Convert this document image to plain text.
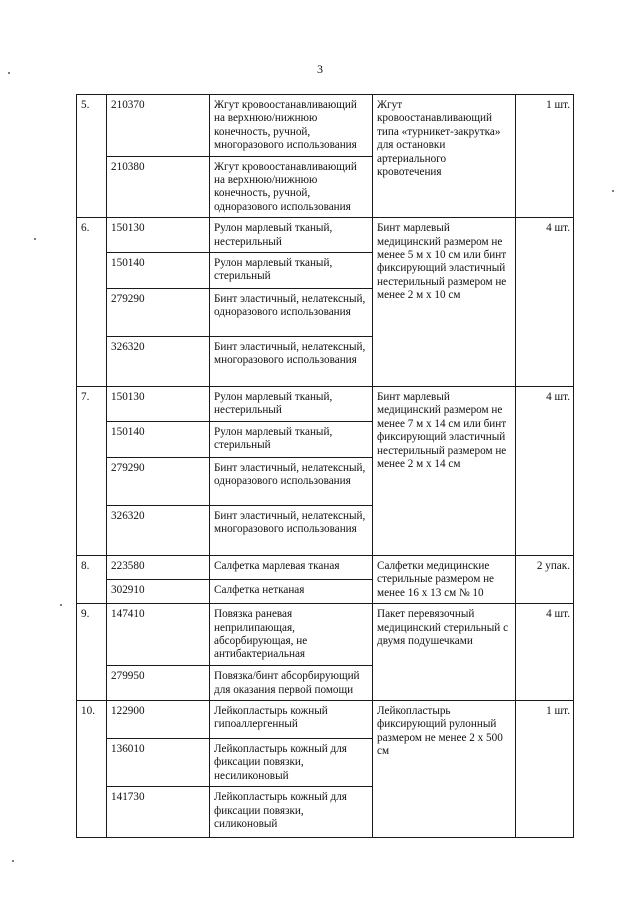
3
5.	210370	Жгут кровоостанавливающий на верхнюю/нижнюю конечность, ручной, многоразового использования	Жгут кровоостанавливающий типа «турникет-закрутка» для остановки артериального кровотечения	1 шт.
	210380	Жгут кровоостанавливающий на верхнюю/нижнюю конечность, ручной, одноразового использования		
6.	150130	Рулон марлевый тканый, нестерильный	Бинт марлевый медицинский размером не менее 5 м х 10 см или бинт фиксирующий эластичный нестерильный размером не менее 2 м х 10 см	4 шт.
	150140	Рулон марлевый тканый, стерильный		
	279290	Бинт эластичный, нелатексный, одноразового использования		
	326320	Бинт эластичный, нелатексный, многоразового использования		
7.	150130	Рулон марлевый тканый, нестерильный	Бинт марлевый медицинский размером не менее 7 м х 14 см или бинт фиксирующий эластичный нестерильный размером не менее 2 м х 14 см	4 шт.
	150140	Рулон марлевый тканый, стерильный		
	279290	Бинт эластичный, нелатексный, одноразового использования		
	326320	Бинт эластичный, нелатексный, многоразового использования		
8.	223580	Салфетка марлевая тканая	Салфетки медицинские стерильные размером не менее 16 х 13 см № 10	2 упак.
	302910	Салфетка нетканая		
9.	147410	Повязка раневая неприлипающая, абсорбирующая, не антибактериальная	Пакет перевязочный медицинский стерильный с двумя подушечками	4 шт.
	279950	Повязка/бинт абсорбирующий для оказания первой помощи		
10.	122900	Лейкопластырь кожный гипоаллергенный	Лейкопластырь фиксирующий рулонный размером не менее 2 х 500 см	1 шт.
	136010	Лейкопластырь кожный для фиксации повязки, несиликоновый		
	141730	Лейкопластырь кожный для фиксации повязки, силиконовый		
